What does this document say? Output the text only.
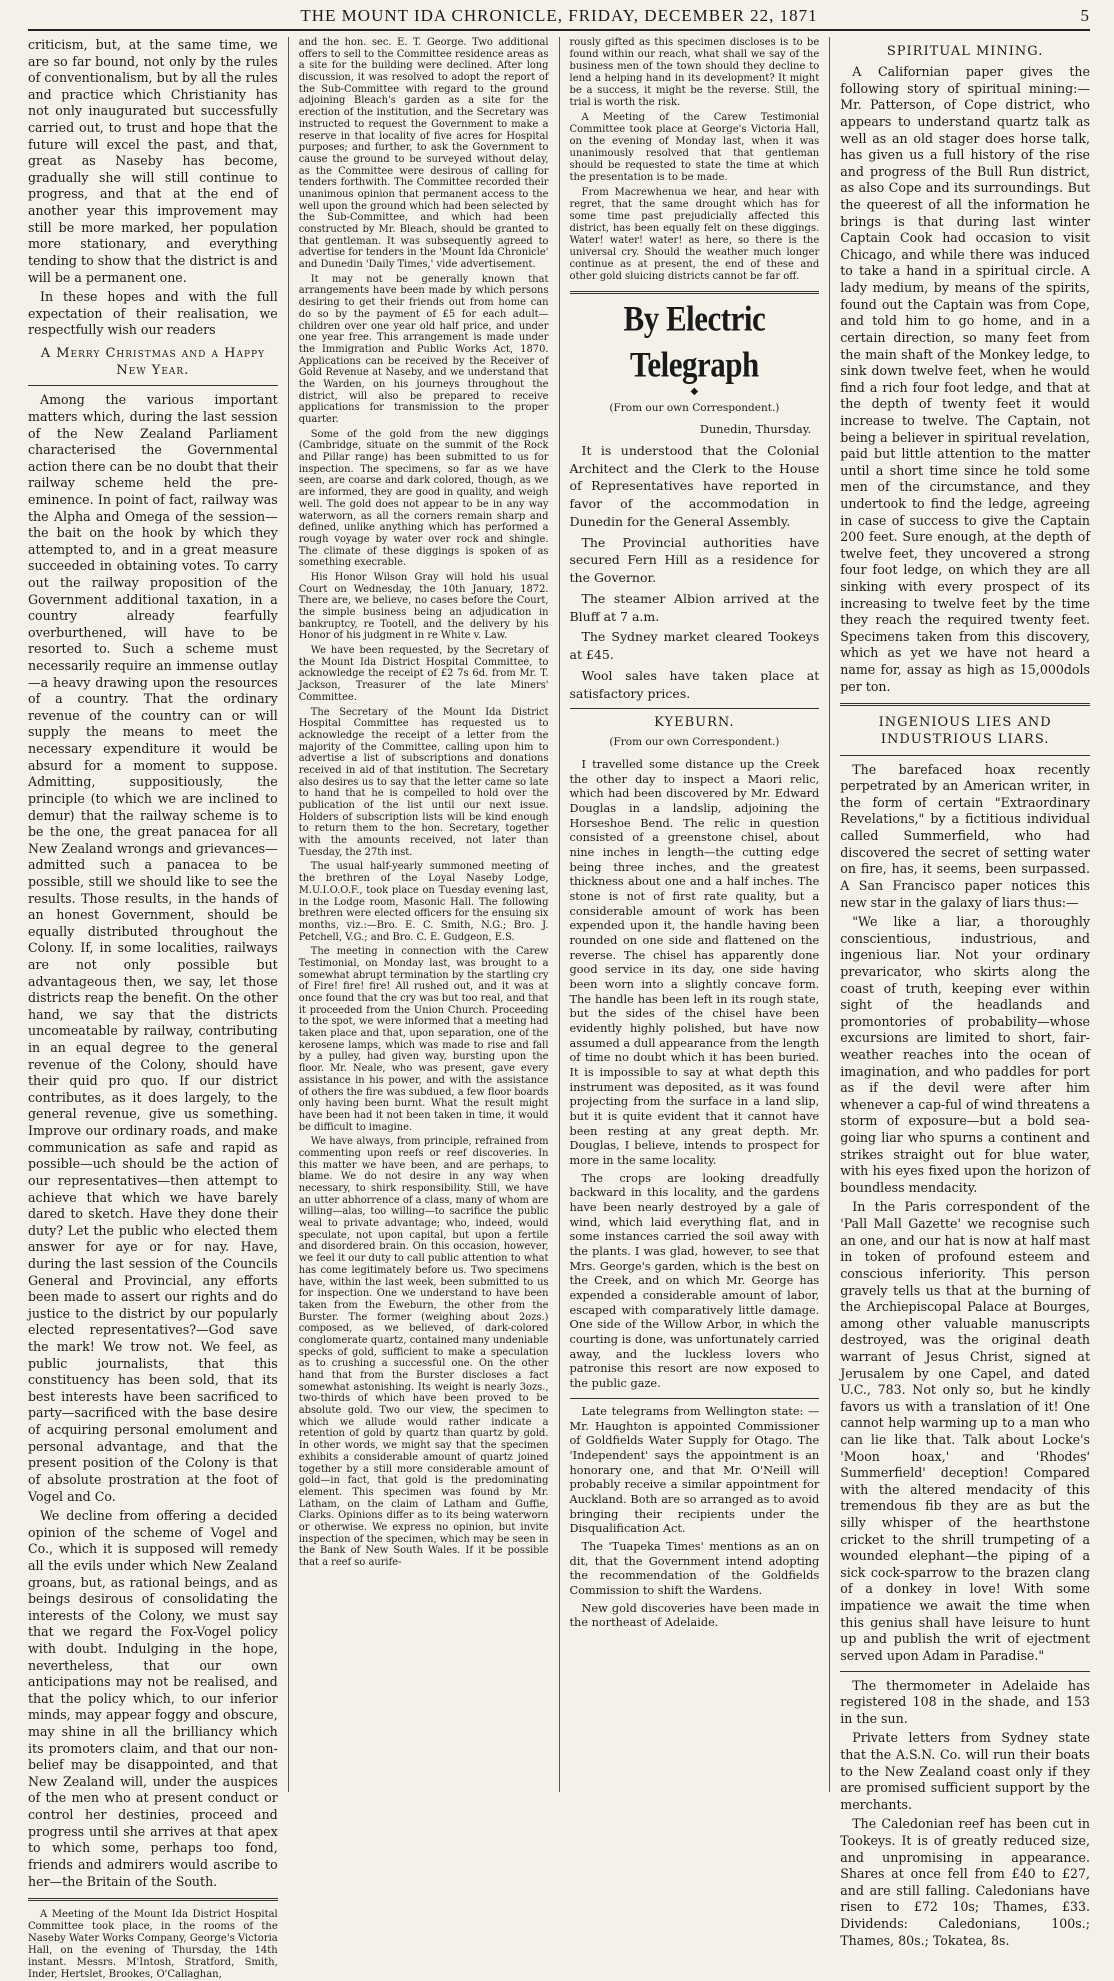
THE MOUNT IDA CHRONICLE, FRIDAY, DECEMBER 22, 1871	5

criticism, but, at the same time, we are so far bound, not only by the rules of conventionalism, but by all the rules and practice which Christianity has not only inaugurated but successfully carried out, to trust and hope that the future will excel the past, and that, great as Naseby has become, gradually she will still continue to progress, and that at the end of another year this improvement may still be more marked, her population more stationary, and everything tending to show that the district is and will be a permanent one.

In these hopes and with the full expectation of their realisation, we respectfully wish our readers

A Merry Christmas and a Happy New Year.

Among the various important matters which, during the last session of the New Zealand Parliament characterised the Governmental action there can be no doubt that their railway scheme held the pre-eminence. In point of fact, railway was the Alpha and Omega of the session—the bait on the hook by which they attempted to, and in a great measure succeeded in obtaining votes. To carry out the railway proposition of the Government additional taxation, in a country already fearfully overburthened, will have to be resorted to. Such a scheme must necessarily require an immense outlay—a heavy drawing upon the resources of a country. That the ordinary revenue of the country can or will supply the means to meet the necessary expenditure it would be absurd for a moment to suppose. Admitting, suppositiously, the principle (to which we are inclined to demur) that the railway scheme is to be the one, the great panacea for all New Zealand wrongs and grievances—admitted such a panacea to be possible, still we should like to see the results. Those results, in the hands of an honest Government, should be equally distributed throughout the Colony. If, in some localities, railways are not only possible but advantageous then, we say, let those districts reap the benefit. On the other hand, we say that the districts uncomeatable by railway, contributing in an equal degree to the general revenue of the Colony, should have their quid pro quo. If our district contributes, as it does largely, to the general revenue, give us something. Improve our ordinary roads, and make communication as safe and rapid as possible—uch should be the action of our representatives—then attempt to achieve that which we have barely dared to sketch. Have they done their duty? Let the public who elected them answer for aye or for nay. Have, during the last session of the Councils General and Provincial, any efforts been made to assert our rights and do justice to the district by our popularly elected representatives?—God save the mark! We trow not. We feel, as public journalists, that this constituency has been sold, that its best interests have been sacrificed to party—sacrificed with the base desire of acquiring personal emolument and personal advantage, and that the present position of the Colony is that of absolute prostration at the foot of Vogel and Co.

We decline from offering a decided opinion of the scheme of Vogel and Co., which it is supposed will remedy all the evils under which New Zealand groans, but, as rational beings, and as beings desirous of consolidating the interests of the Colony, we must say that we regard the Fox-Vogel policy with doubt. Indulging in the hope, nevertheless, that our own anticipations may not be realised, and that the policy which, to our inferior minds, may appear foggy and obscure, may shine in all the brilliancy which its promoters claim, and that our non-belief may be disappointed, and that New Zealand will, under the auspices of the men who at present conduct or control her destinies, proceed and progress until she arrives at that apex to which some, perhaps too fond, friends and admirers would ascribe to her—the Britain of the South.

A Meeting of the Mount Ida District Hospital Committee took place, in the rooms of the Naseby Water Works Company, George's Victoria Hall, on the evening of Thursday, the 14th instant. Messrs. M'Intosh, Stratford, Smith, Inder, Hertslet, Brookes, O'Callaghan,

and the hon. sec. E. T. George. Two additional offers to sell to the Committee residence areas as a site for the building were declined. After long discussion, it was resolved to adopt the report of the Sub-Committee with regard to the ground adjoining Bleach's garden as a site for the erection of the institution, and the Secretary was instructed to request the Government to make a reserve in that locality of five acres for Hospital purposes; and further, to ask the Government to cause the ground to be surveyed without delay, as the Committee were desirous of calling for tenders forthwith. The Committee recorded their unanimous opinion that permanent access to the well upon the ground which had been selected by the Sub-Committee, and which had been constructed by Mr. Bleach, should be granted to that gentleman. It was subsequently agreed to advertise for tenders in the 'Mount Ida Chronicle' and Dunedin 'Daily Times,' vide advertisement.

It may not be generally known that arrangements have been made by which persons desiring to get their friends out from home can do so by the payment of £5 for each adult—children over one year old half price, and under one year free. This arrangement is made under the Immigration and Public Works Act, 1870. Applications can be received by the Receiver of Gold Revenue at Naseby, and we understand that the Warden, on his journeys throughout the district, will also be prepared to receive applications for transmission to the proper quarter.

Some of the gold from the new diggings (Cambridge, situate on the summit of the Rock and Pillar range) has been submitted to us for inspection. The specimens, so far as we have seen, are coarse and dark colored, though, as we are informed, they are good in quality, and weigh well. The gold does not appear to be in any way waterworn, as all the corners remain sharp and defined, unlike anything which has performed a rough voyage by water over rock and shingle. The climate of these diggings is spoken of as something execrable.

His Honor Wilson Gray will hold his usual Court on Wednesday, the 10th January, 1872. There are, we believe, no cases before the Court, the simple business being an adjudication in bankruptcy, re Tootell, and the delivery by his Honor of his judgment in re White v. Law.

We have been requested, by the Secretary of the Mount Ida District Hospital Committee, to acknowledge the receipt of £2 7s 6d. from Mr. T. Jackson, Treasurer of the late Miners' Committee.

The Secretary of the Mount Ida District Hospital Committee has requested us to acknowledge the receipt of a letter from the majority of the Committee, calling upon him to advertise a list of subscriptions and donations received in aid of that institution. The Secretary also desires us to say that the letter came so late to hand that he is compelled to hold over the publication of the list until our next issue. Holders of subscription lists will be kind enough to return them to the hon. Secretary, together with the amounts received, not later than Tuesday, the 27th inst.

The usual half-yearly summoned meeting of the brethren of the Loyal Naseby Lodge, M.U.I.O.O.F., took place on Tuesday evening last, in the Lodge room, Masonic Hall. The following brethren were elected officers for the ensuing six months, viz.:—Bro. E. C. Smith, N.G.; Bro. J. Petchell, V.G.; and Bro. C. E. Gudgeon, E.S.

The meeting in connection with the Carew Testimonial, on Monday last, was brought to a somewhat abrupt termination by the startling cry of Fire! fire! fire! All rushed out, and it was at once found that the cry was but too real, and that it proceeded from the Union Church. Proceeding to the spot, we were informed that a meeting had taken place and that, upon separation, one of the kerosene lamps, which was made to rise and fall by a pulley, had given way, bursting upon the floor. Mr. Neale, who was present, gave every assistance in his power, and with the assistance of others the fire was subdued, a few floor boards only having been burnt. What the result might have been had it not been taken in time, it would be difficult to imagine.

We have always, from principle, refrained from commenting upon reefs or reef discoveries. In this matter we have been, and are perhaps, to blame. We do not desire in any way when necessary, to shirk responsibility. Still, we have an utter abhorrence of a class, many of whom are willing—alas, too willing—to sacrifice the public weal to private advantage; who, indeed, would speculate, not upon capital, but upon a fertile and disordered brain. On this occasion, however, we feel it our duty to call public attention to what has come legitimately before us. Two specimens have, within the last week, been submitted to us for inspection. One we understand to have been taken from the Eweburn, the other from the Burster. The former (weighing about 2ozs.) composed, as we believed, of dark-colored conglomerate quartz, contained many undeniable specks of gold, sufficient to make a speculation as to crushing a successful one. On the other hand that from the Burster discloses a fact somewhat astonishing. Its weight is nearly 3ozs., two-thirds of which have been proved to be absolute gold. Two our view, the specimen to which we allude would rather indicate a retention of gold by quartz than quartz by gold. In other words, we might say that the specimen exhibits a considerable amount of quartz joined together by a still more considerable amount of gold—in fact, that gold is the predominating element. This specimen was found by Mr. Latham, on the claim of Latham and Guffie, Clarks. Opinions differ as to its being waterworn or otherwise. We express no opinion, but invite inspection of the specimen, which may be seen in the Bank of New South Wales. If it be possible that a reef so aurife-

rously gifted as this specimen discloses is to be found within our reach, what shall we say of the business men of the town should they decline to lend a helping hand in its development? It might be a success, it might be the reverse. Still, the trial is worth the risk.

A Meeting of the Carew Testimonial Committee took place at George's Victoria Hall, on the evening of Monday last, when it was unanimously resolved that that gentleman should be requested to state the time at which the presentation is to be made.

From Macrewhenua we hear, and hear with regret, that the same drought which has for some time past prejudicially affected this district, has been equally felt on these diggings. Water! water! water! as here, so there is the universal cry. Should the weather much longer continue as at present, the end of these and other gold sluicing districts cannot be far off.

By Electric Telegraph
◆
(From our own Correspondent.)
Dunedin, Thursday.

It is understood that the Colonial Architect and the Clerk to the House of Representatives have reported in favor of the accommodation in Dunedin for the General Assembly.

The Provincial authorities have secured Fern Hill as a residence for the Governor.

The steamer Albion arrived at the Bluff at 7 a.m.

The Sydney market cleared Tookeys at £45.

Wool sales have taken place at satisfactory prices.

KYEBURN.
(From our own Correspondent.)

I travelled some distance up the Creek the other day to inspect a Maori relic, which had been discovered by Mr. Edward Douglas in a landslip, adjoining the Horseshoe Bend. The relic in question consisted of a greenstone chisel, about nine inches in length—the cutting edge being three inches, and the greatest thickness about one and a half inches. The stone is not of first rate quality, but a considerable amount of work has been expended upon it, the handle having been rounded on one side and flattened on the reverse. The chisel has apparently done good service in its day, one side having been worn into a slightly concave form. The handle has been left in its rough state, but the sides of the chisel have been evidently highly polished, but have now assumed a dull appearance from the length of time no doubt which it has been buried. It is impossible to say at what depth this instrument was deposited, as it was found projecting from the surface in a land slip, but it is quite evident that it cannot have been resting at any great depth. Mr. Douglas, I believe, intends to prospect for more in the same locality.

The crops are looking dreadfully backward in this locality, and the gardens have been nearly destroyed by a gale of wind, which laid everything flat, and in some instances carried the soil away with the plants. I was glad, however, to see that Mrs. George's garden, which is the best on the Creek, and on which Mr. George has expended a considerable amount of labor, escaped with comparatively little damage. One side of the Willow Arbor, in which the courting is done, was unfortunately carried away, and the luckless lovers who patronise this resort are now exposed to the public gaze.

Late telegrams from Wellington state: — Mr. Haughton is appointed Commissioner of Goldfields Water Supply for Otago. The 'Independent' says the appointment is an honorary one, and that Mr. O'Neill will probably receive a similar appointment for Auckland. Both are so arranged as to avoid bringing their recipients under the Disqualification Act.

The 'Tuapeka Times' mentions as an on dit, that the Government intend adopting the recommendation of the Goldfields Commission to shift the Wardens.

New gold discoveries have been made in the northeast of Adelaide.

SPIRITUAL MINING.

A Californian paper gives the following story of spiritual mining:—Mr. Patterson, of Cope district, who appears to understand quartz talk as well as an old stager does horse talk, has given us a full history of the rise and progress of the Bull Run district, as also Cope and its surroundings. But the queerest of all the information he brings is that during last winter Captain Cook had occasion to visit Chicago, and while there was induced to take a hand in a spiritual circle. A lady medium, by means of the spirits, found out the Captain was from Cope, and told him to go home, and in a certain direction, so many feet from the main shaft of the Monkey ledge, to sink down twelve feet, when he would find a rich four foot ledge, and that at the depth of twenty feet it would increase to twelve. The Captain, not being a believer in spiritual revelation, paid but little attention to the matter until a short time since he told some men of the circumstance, and they undertook to find the ledge, agreeing in case of success to give the Captain 200 feet. Sure enough, at the depth of twelve feet, they uncovered a strong four foot ledge, on which they are all sinking with every prospect of its increasing to twelve feet by the time they reach the required twenty feet. Specimens taken from this discovery, which as yet we have not heard a name for, assay as high as 15,000dols per ton.

INGENIOUS LIES AND INDUSTRIOUS LIARS.

The barefaced hoax recently perpetrated by an American writer, in the form of certain "Extraordinary Revelations," by a fictitious individual called Summerfield, who had discovered the secret of setting water on fire, has, it seems, been surpassed. A San Francisco paper notices this new star in the galaxy of liars thus:—

"We like a liar, a thoroughly conscientious, industrious, and ingenious liar. Not your ordinary prevaricator, who skirts along the coast of truth, keeping ever within sight of the headlands and promontories of probability—whose excursions are limited to short, fair-weather reaches into the ocean of imagination, and who paddles for port as if the devil were after him whenever a cap-ful of wind threatens a storm of exposure—but a bold sea-going liar who spurns a continent and strikes straight out for blue water, with his eyes fixed upon the horizon of boundless mendacity.

In the Paris correspondent of the 'Pall Mall Gazette' we recognise such an one, and our hat is now at half mast in token of profound esteem and conscious inferiority. This person gravely tells us that at the burning of the Archiepiscopal Palace at Bourges, among other valuable manuscripts destroyed, was the original death warrant of Jesus Christ, signed at Jerusalem by one Capel, and dated U.C., 783. Not only so, but he kindly favors us with a translation of it! One cannot help warming up to a man who can lie like that. Talk about Locke's 'Moon hoax,' and 'Rhodes' Summerfield' deception! Compared with the altered mendacity of this tremendous fib they are as but the silly whisper of the hearthstone cricket to the shrill trumpeting of a wounded elephant—the piping of a sick cock-sparrow to the brazen clang of a donkey in love! With some impatience we await the time when this genius shall have leisure to hunt up and publish the writ of ejectment served upon Adam in Paradise."

The thermometer in Adelaide has registered 108 in the shade, and 153 in the sun.

Private letters from Sydney state that the A.S.N. Co. will run their boats to the New Zealand coast only if they are promised sufficient support by the merchants.

The Caledonian reef has been cut in Tookeys. It is of greatly reduced size, and unpromising in appearance. Shares at once fell from £40 to £27, and are still falling. Caledonians have risen to £72 10s; Thames, £33. Dividends: Caledonians, 100s.; Thames, 80s.; Tokatea, 8s.
